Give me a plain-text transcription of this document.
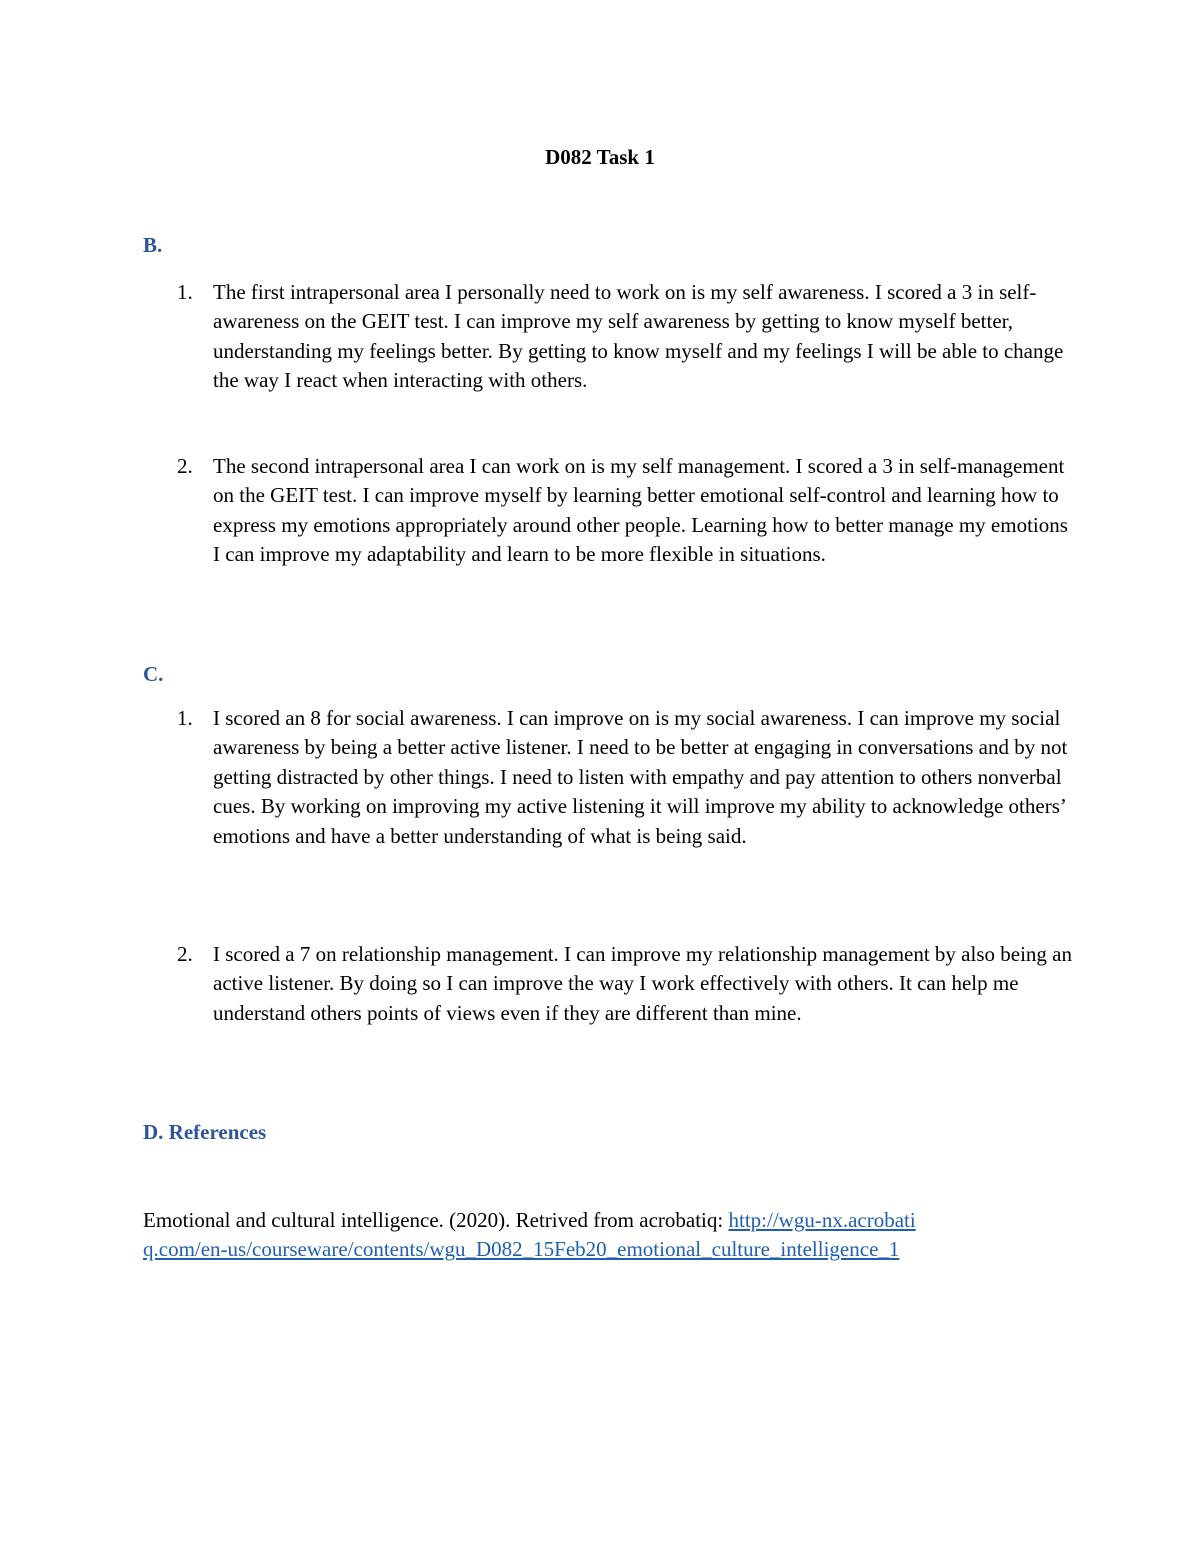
D082 Task 1
B.
1. The first intrapersonal area I personally need to work on is my self awareness. I scored a 3 in self-awareness on the GEIT test. I can improve my self awareness by getting to know myself better, understanding my feelings better. By getting to know myself and my feelings I will be able to change the way I react when interacting with others.
2. The second intrapersonal area I can work on is my self management. I scored a 3 in self-management on the GEIT test. I can improve myself by learning better emotional self-control and learning how to express my emotions appropriately around other people. Learning how to better manage my emotions I can improve my adaptability and learn to be more flexible in situations.
C.
1. I scored an 8 for social awareness. I can improve on is my social awareness. I can improve my social awareness by being a better active listener. I need to be better at engaging in conversations and by not getting distracted by other things. I need to listen with empathy and pay attention to others nonverbal cues. By working on improving my active listening it will improve my ability to acknowledge others’ emotions and have a better understanding of what is being said.
2. I scored a 7 on relationship management. I can improve my relationship management by also being an active listener. By doing so I can improve the way I work effectively with others. It can help me understand others points of views even if they are different than mine.
D. References
Emotional and cultural intelligence. (2020). Retrived from acrobatiq: http://wgu-nx.acrobatiq.com/en-us/courseware/contents/wgu_D082_15Feb20_emotional_culture_intelligence_1
